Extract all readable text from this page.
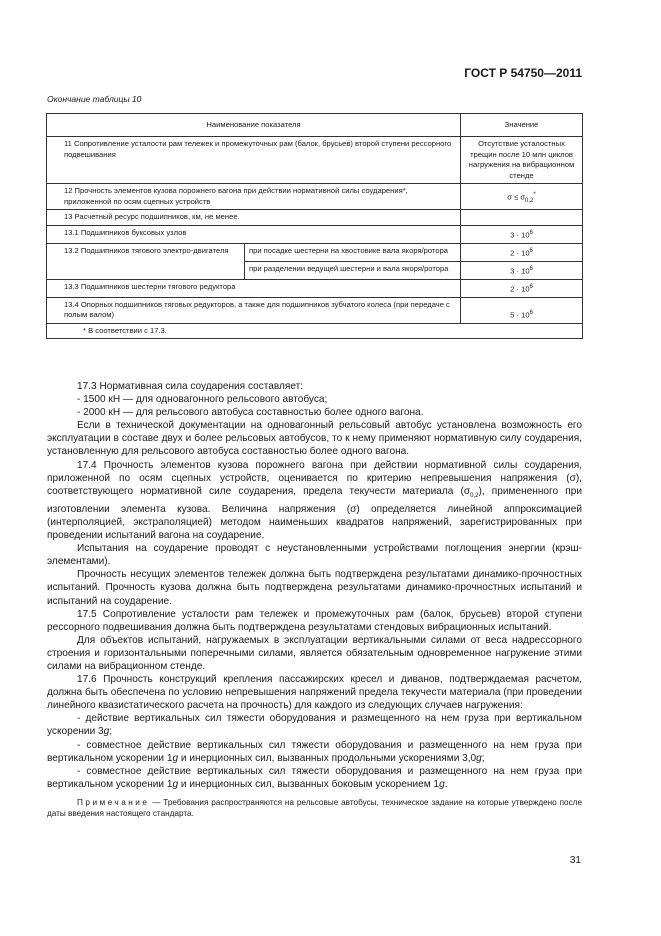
ГОСТ Р 54750—2011
Окончание таблицы 10
Наименование показателя		Значение
11 Сопротивление усталости рам тележек и промежуточных рам (балок, брусьев) второй ступени рессорного подвешивания		Отсутствие усталостных трещин после 10 млн циклов нагружения на вибрационном стенде
12 Прочность элементов кузова порожнего вагона при действии нормативной силы соударения*, приложенной по осям сцепных устройств		$\sigma \le \sigma_{0,2}^*$
13 Расчетный ресурс подшипников, км, не менее.		
13.1 Подшипников буксовых узлов		$3 \cdot 10^6$
13.2 Подшипников тягового электро-двигателя	при посадке шестерни на хвостовике вала якоря/ротора	$2 \cdot 10^6$
	при разделении ведущей шестерни и вала якоря/ротора	$3 \cdot 10^6$
13.3 Подшипников шестерни тягового редуктора		$2 \cdot 10^6$
13.4 Опорных подшипников тяговых редукторов, а также для подшипников зубчатого колеса (при передаче с полым валом)		$5 \cdot 10^6$
* В соответствии с 17.3.		

17.3 Нормативная сила соударения составляет:

- 1500 кН — для одновагонного рельсового автобуса;

- 2000 кН — для рельсового автобуса составностью более одного вагона.

Если в технической документации на одновагонный рельсовый автобус установлена возможность его эксплуатации в составе двух и более рельсовых автобусов, то к нему применяют нормативную силу соударения, установленную для рельсового автобуса составностью более одного вагона.

17.4 Прочность элементов кузова порожнего вагона при действии нормативной силы соударения, приложенной по осям сцепных устройств, оценивается по критерию непревышения напряжения (σ), соответствующего нормативной силе соударения, предела текучести материала $(\sigma_{0,2})$, примененного при изготовлении элемента кузова. Величина напряжения (σ) определяется линейной аппроксимацией (интерполяцией, экстраполяцией) методом наименьших квадратов напряжений, зарегистрированных при проведении испытаний вагона на соударение.

Испытания на соударение проводят с неустановленными устройствами поглощения энергии (крэш-элементами).

Прочность несущих элементов тележек должна быть подтверждена результатами динамико-прочностных испытаний. Прочность кузова должна быть подтверждена результатами динамико-прочностных испытаний и испытаний на соударение.

17.5 Сопротивление усталости рам тележек и промежуточных рам (балок, брусьев) второй ступени рессорного подвешивания должна быть подтверждена результатами стендовых вибрационных испытаний.

Для объектов испытаний, нагружаемых в эксплуатации вертикальными силами от веса надрессорного строения и горизонтальными поперечными силами, является обязательным одновременное нагружение этими силами на вибрационном стенде.

17.6 Прочность конструкций крепления пассажирских кресел и диванов, подтверждаемая расчетом, должна быть обеспечена по условию непревышения напряжений предела текучести материала (при проведении линейного квазистатического расчета на прочность) для каждого из следующих случаев нагружения:

- действие вертикальных сил тяжести оборудования и размещенного на нем груза при вертикальном ускорении 3g;

- совместное действие вертикальных сил тяжести оборудования и размещенного на нем груза при вертикальном ускорении 1g и инерционных сил, вызванных продольными ускорениями 3,0g;

- совместное действие вертикальных сил тяжести оборудования и размещенного на нем груза при вертикальном ускорении 1g и инерционных сил, вызванных боковым ускорением 1g.

Примечание — Требования распространяются на рельсовые автобусы, техническое задание на которые утверждено после даты введения настоящего стандарта.

31
